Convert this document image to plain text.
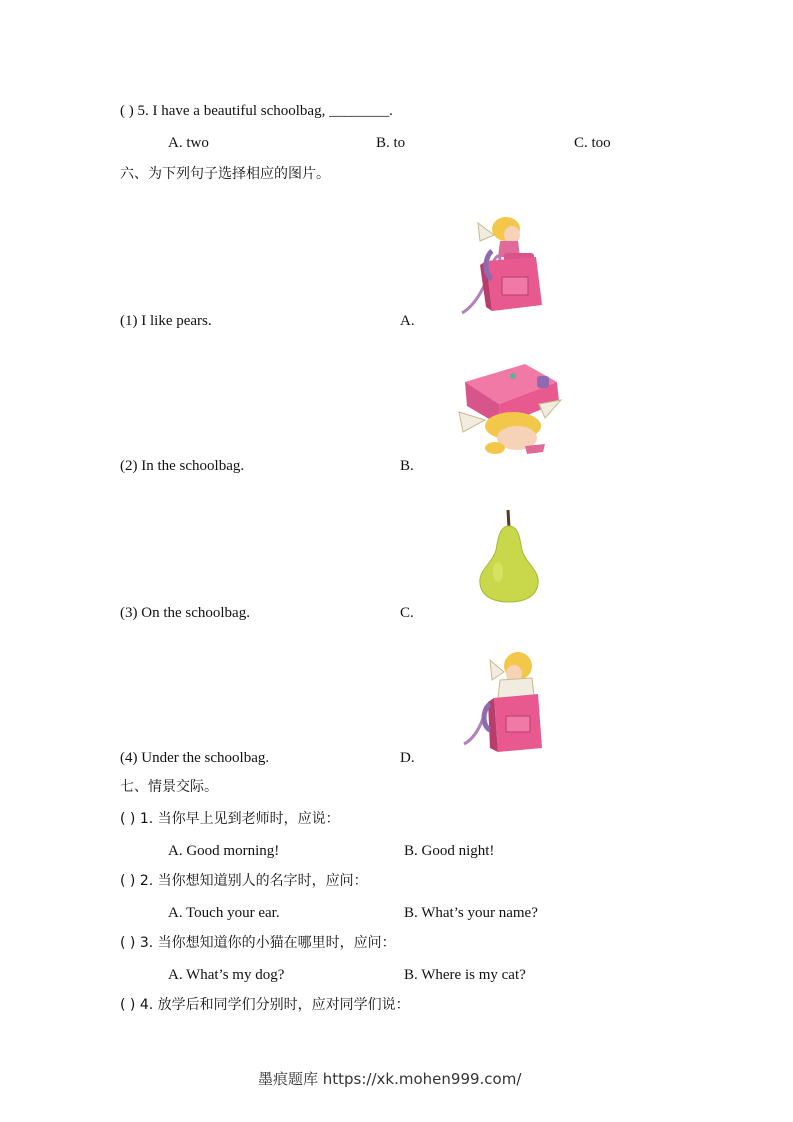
( ) 5. I have a beautiful schoolbag, ________.
A. two	B. to	C. too
六、为下列句子选择相应的图片。
(1) I like pears.	A.
(2) In the schoolbag.	B.
(3) On the schoolbag.	C.
(4) Under the schoolbag.	D.
七、情景交际。
( ) 1. 当你早上见到老师时，应说：
A. Good morning!	B. Good night!
( ) 2. 当你想知道别人的名字时，应问：
A. Touch your ear.	B. What’s your name?
( ) 3. 当你想知道你的小猫在哪里时，应问：
A. What’s my dog?	B. Where is my cat?
( ) 4. 放学后和同学们分别时，应对同学们说：
墨痕题库 https://xk.mohen999.com/
